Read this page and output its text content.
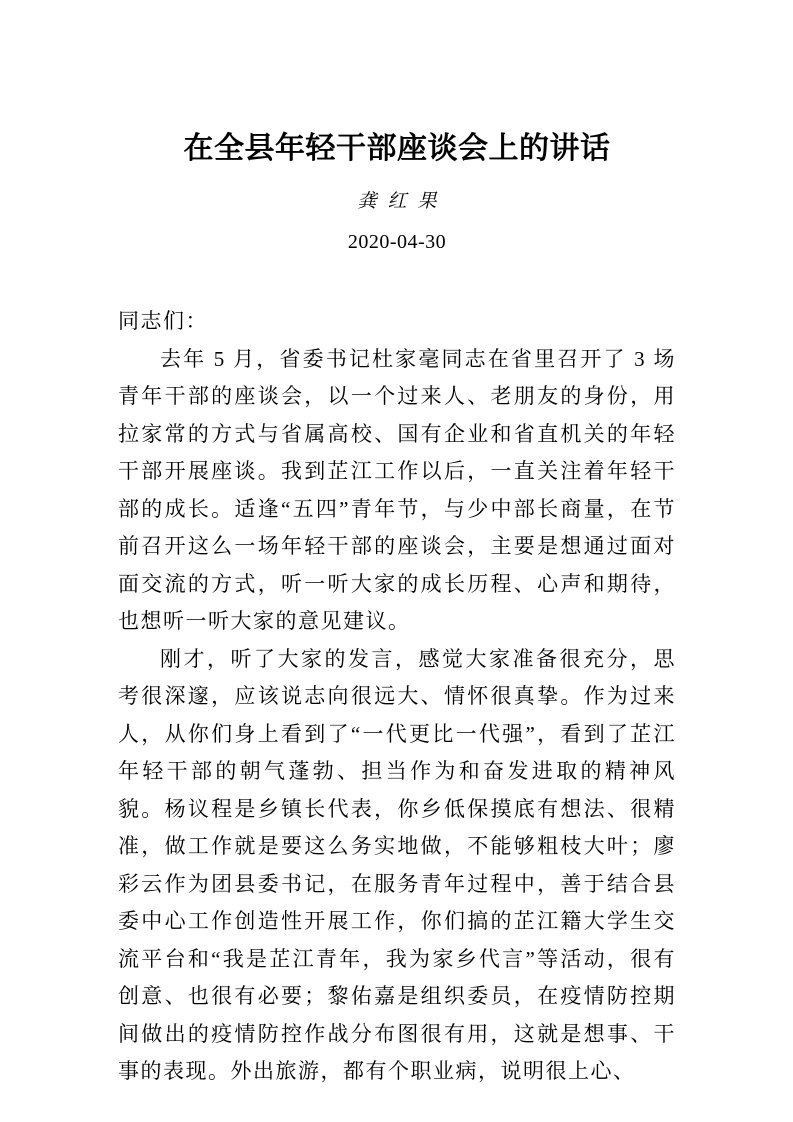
在全县年轻干部座谈会上的讲话
龚红果
2020-04-30

同志们：

去年 5 月，省委书记杜家毫同志在省里召开了 3 场青年干部的座谈会，以一个过来人、老朋友的身份，用拉家常的方式与省属高校、国有企业和省直机关的年轻干部开展座谈。我到芷江工作以后，一直关注着年轻干部的成长。适逢“五四”青年节，与少中部长商量，在节前召开这么一场年轻干部的座谈会，主要是想通过面对面交流的方式，听一听大家的成长历程、心声和期待，也想听一听大家的意见建议。

刚才，听了大家的发言，感觉大家准备很充分，思考很深邃，应该说志向很远大、情怀很真挚。作为过来人，从你们身上看到了“一代更比一代强”，看到了芷江年轻干部的朝气蓬勃、担当作为和奋发进取的精神风貌。杨议程是乡镇长代表，你乡低保摸底有想法、很精准，做工作就是要这么务实地做，不能够粗枝大叶；廖彩云作为团县委书记，在服务青年过程中，善于结合县委中心工作创造性开展工作，你们搞的芷江籍大学生交流平台和“我是芷江青年，我为家乡代言”等活动，很有创意、也很有必要；黎佑嘉是组织委员，在疫情防控期间做出的疫情防控作战分布图很有用，这就是想事、干事的表现。外出旅游，都有个职业病，说明很上心、
